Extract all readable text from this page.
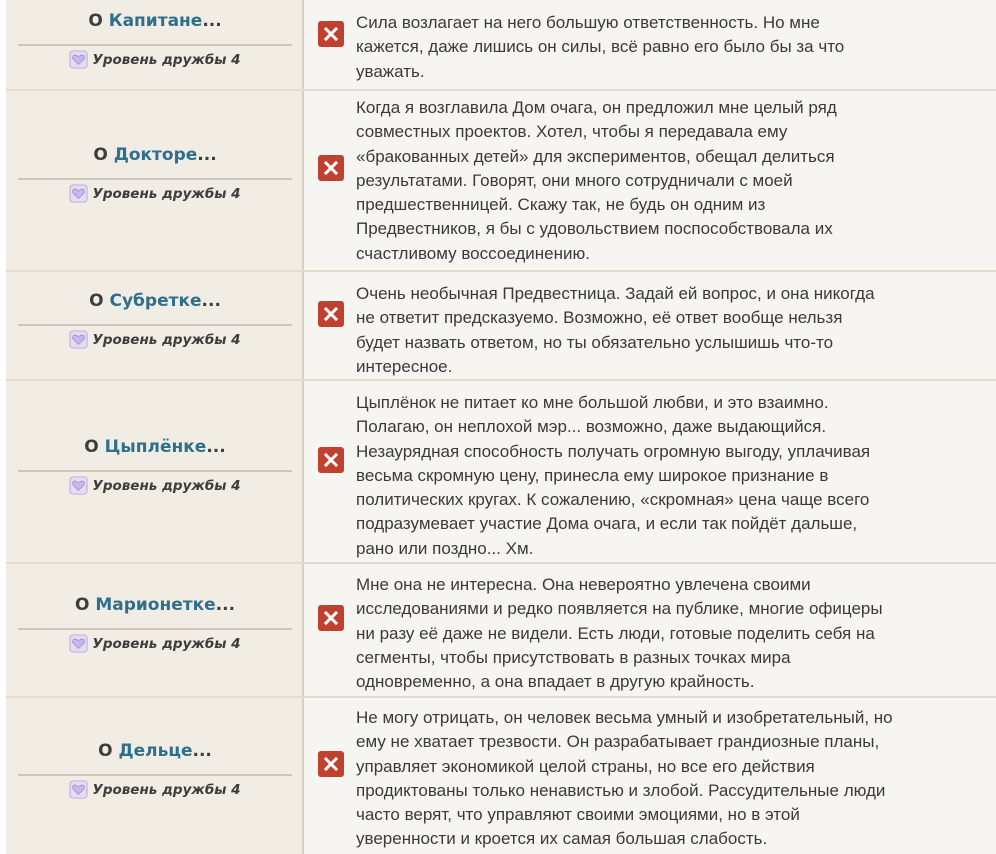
О Капитане...
Уровень дружбы 4
Сила возлагает на него большую ответственность. Но мне
кажется, даже лишись он силы, всё равно его было бы за что
уважать.
О Докторе...
Уровень дружбы 4
Когда я возглавила Дом очага, он предложил мне целый ряд
совместных проектов. Хотел, чтобы я передавала ему
«бракованных детей» для экспериментов, обещал делиться
результатами. Говорят, они много сотрудничали с моей
предшественницей. Скажу так, не будь он одним из
Предвестников, я бы с удовольствием поспособствовала их
счастливому воссоединению.
О Субретке...
Уровень дружбы 4
Очень необычная Предвестница. Задай ей вопрос, и она никогда
не ответит предсказуемо. Возможно, её ответ вообще нельзя
будет назвать ответом, но ты обязательно услышишь что-то
интересное.
О Цыплёнке...
Уровень дружбы 4
Цыплёнок не питает ко мне большой любви, и это взаимно.
Полагаю, он неплохой мэр... возможно, даже выдающийся.
Незаурядная способность получать огромную выгоду, уплачивая
весьма скромную цену, принесла ему широкое признание в
политических кругах. К сожалению, «скромная» цена чаще всего
подразумевает участие Дома очага, и если так пойдёт дальше,
рано или поздно... Хм.
О Марионетке...
Уровень дружбы 4
Мне она не интересна. Она невероятно увлечена своими
исследованиями и редко появляется на публике, многие офицеры
ни разу её даже не видели. Есть люди, готовые поделить себя на
сегменты, чтобы присутствовать в разных точках мира
одновременно, а она впадает в другую крайность.
О Дельце...
Уровень дружбы 4
Не могу отрицать, он человек весьма умный и изобретательный, но
ему не хватает трезвости. Он разрабатывает грандиозные планы,
управляет экономикой целой страны, но все его действия
продиктованы только ненавистью и злобой. Рассудительные люди
часто верят, что управляют своими эмоциями, но в этой
уверенности и кроется их самая большая слабость.
